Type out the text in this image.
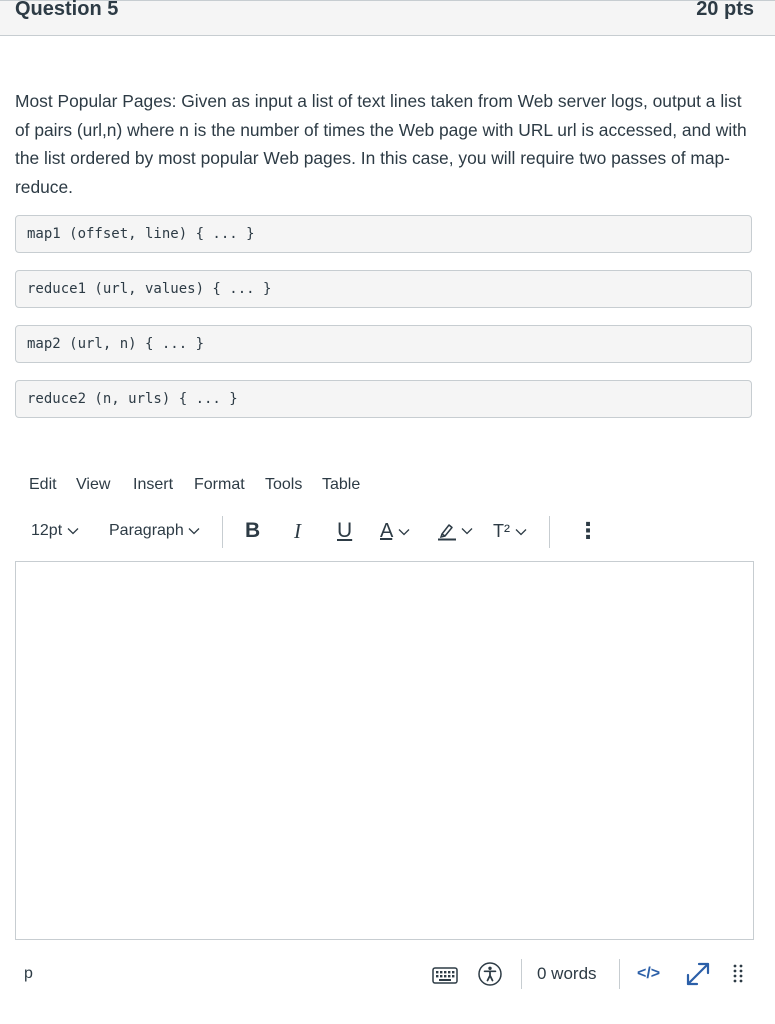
Question 5	20 pts
Most Popular Pages: Given as input a list of text lines taken from Web server logs, output a list of pairs (url,n) where n is the number of times the Web page with URL url is accessed, and with the list ordered by most popular Web pages. In this case, you will require two passes of map-reduce.
map1 (offset, line) { ... }
reduce1 (url, values) { ... }
map2 (url, n) { ... }
reduce2 (n, urls) { ... }
Edit View Insert Format Tools Table
12pt	Paragraph	B I U A
	T²	⋮
p	0 words	</>
